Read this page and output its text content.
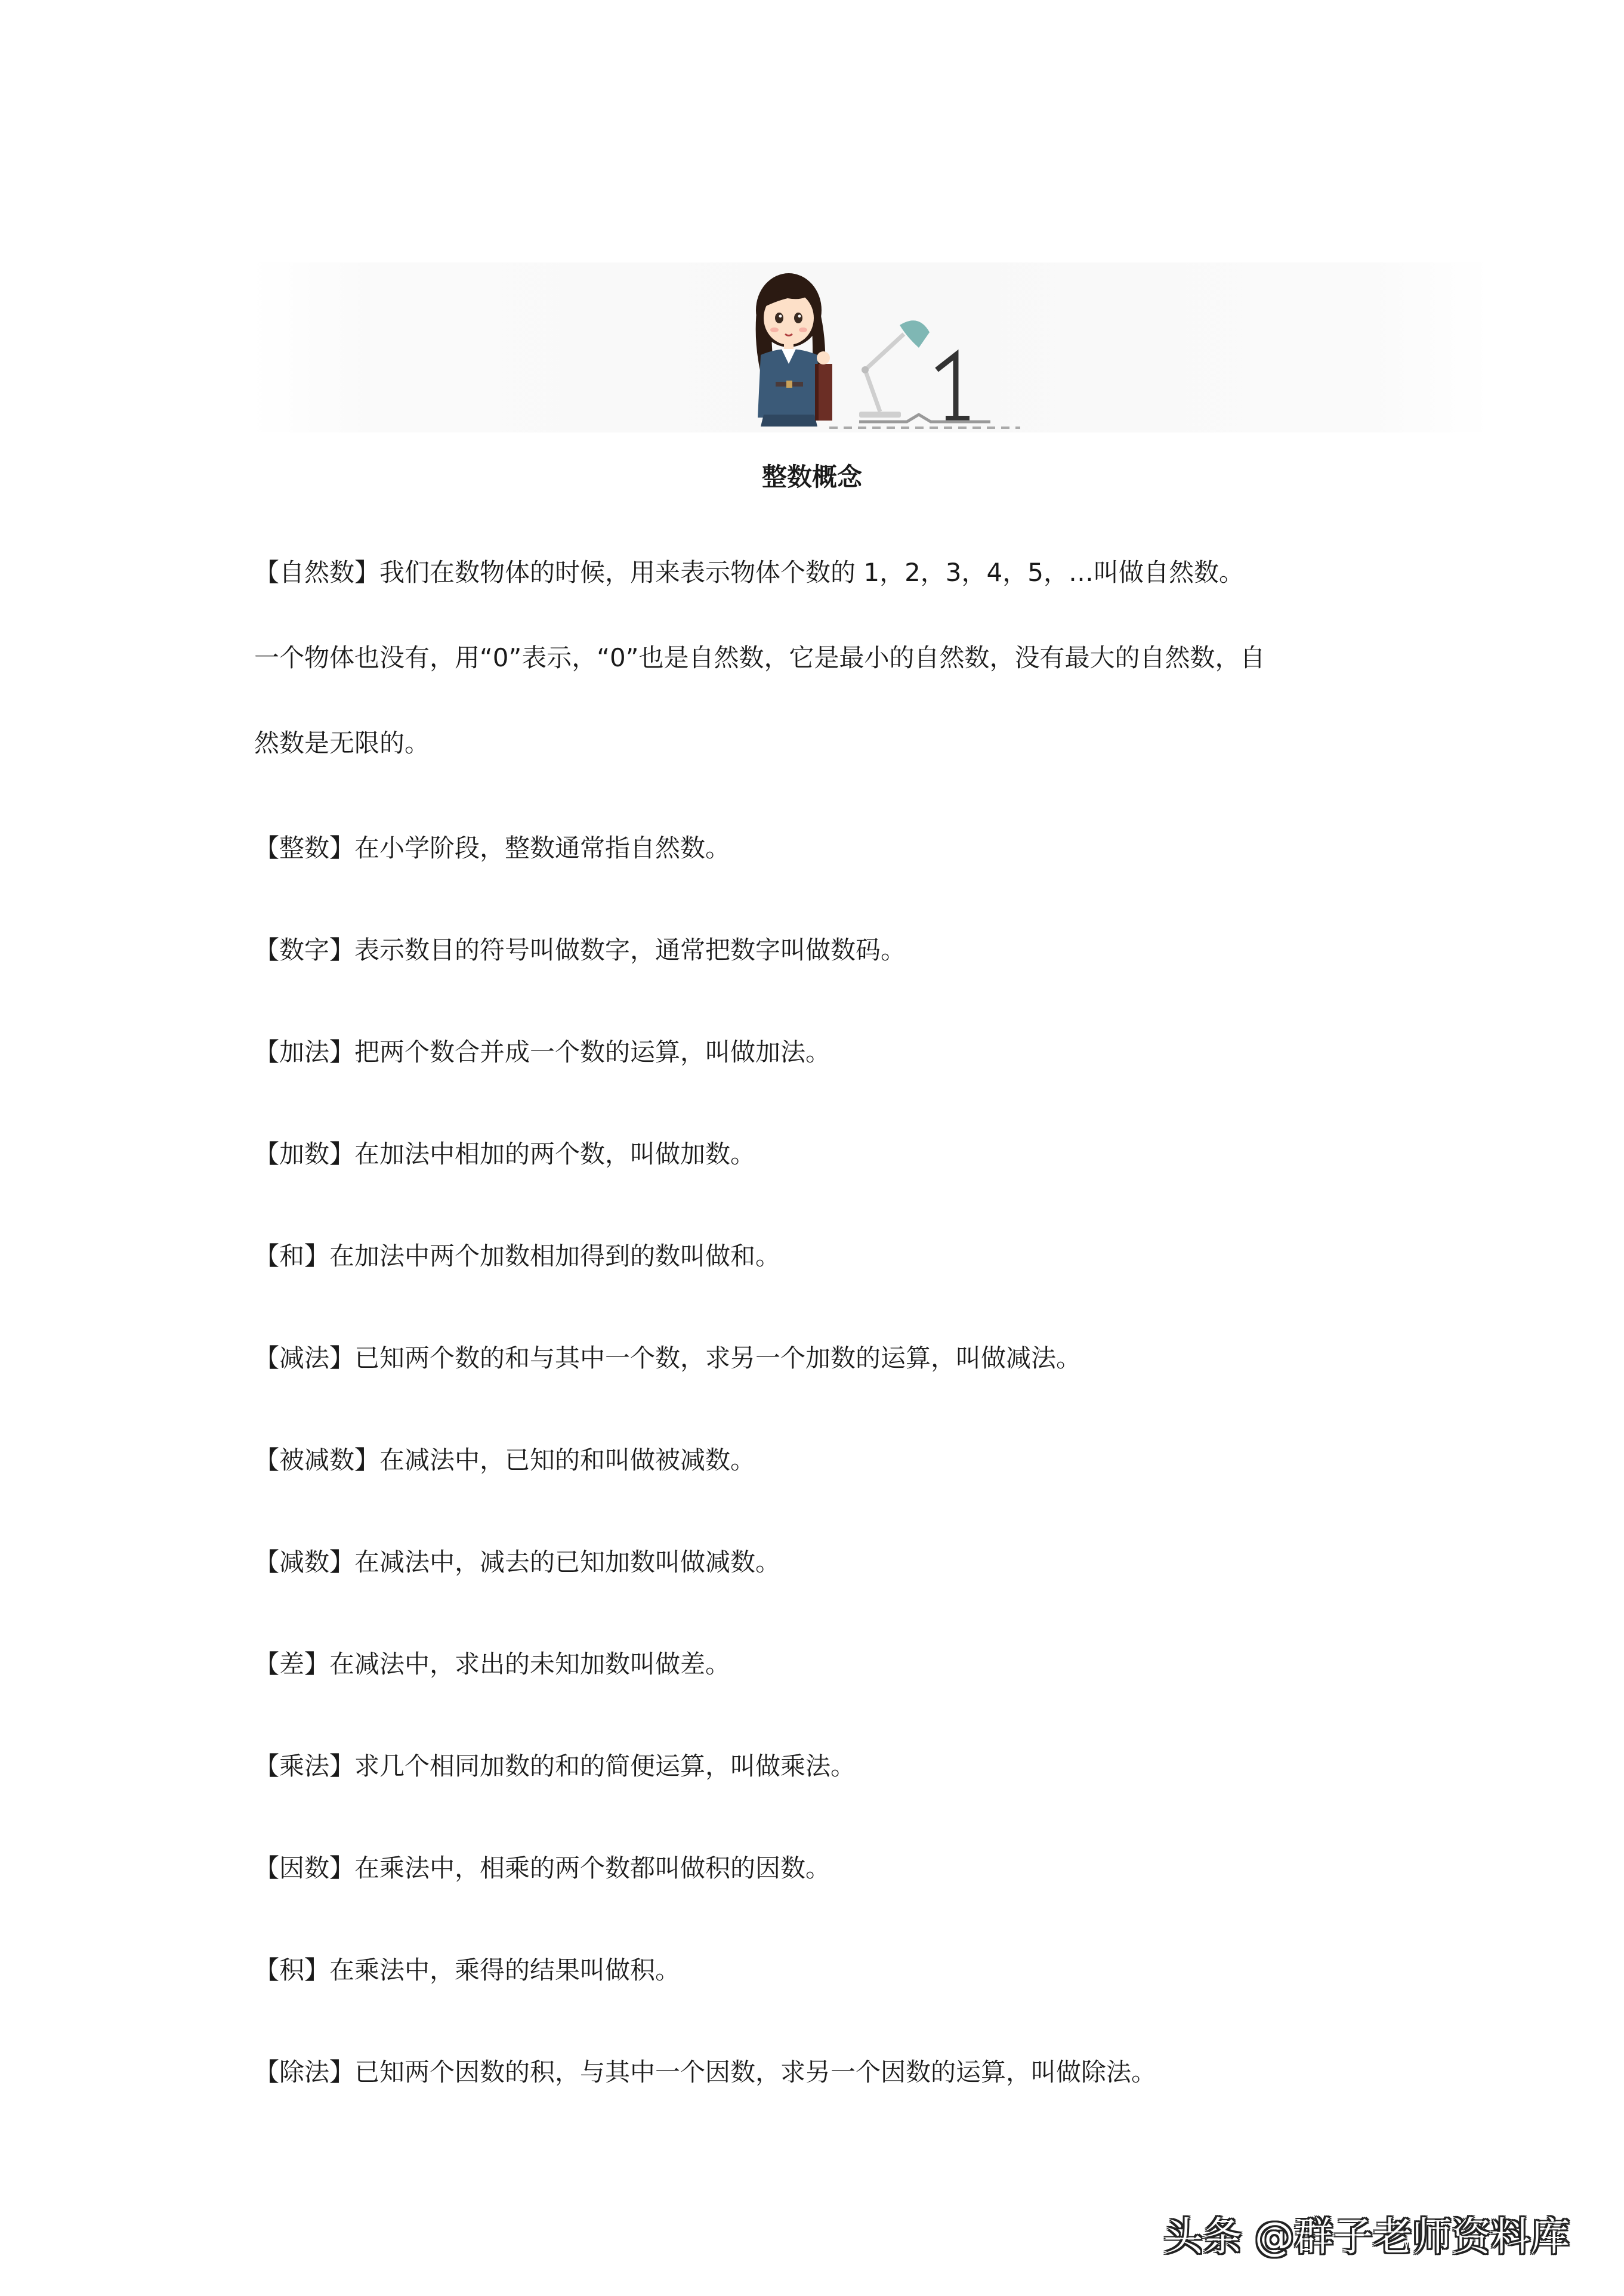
整数概念

【自然数】我们在数物体的时候，用来表示物体个数的 1，2，3，4，5，…叫做自然数。

一个物体也没有，用“0”表示，“0”也是自然数，它是最小的自然数，没有最大的自然数，自

然数是无限的。

【整数】在小学阶段，整数通常指自然数。

【数字】表示数目的符号叫做数字，通常把数字叫做数码。

【加法】把两个数合并成一个数的运算，叫做加法。

【加数】在加法中相加的两个数，叫做加数。

【和】在加法中两个加数相加得到的数叫做和。

【减法】已知两个数的和与其中一个数，求另一个加数的运算，叫做减法。

【被减数】在减法中，已知的和叫做被减数。

【减数】在减法中，减去的已知加数叫做减数。

【差】在减法中，求出的未知加数叫做差。

【乘法】求几个相同加数的和的简便运算，叫做乘法。

【因数】在乘法中，相乘的两个数都叫做积的因数。

【积】在乘法中，乘得的结果叫做积。

【除法】已知两个因数的积，与其中一个因数，求另一个因数的运算，叫做除法。

头条 @群子老师资料库
